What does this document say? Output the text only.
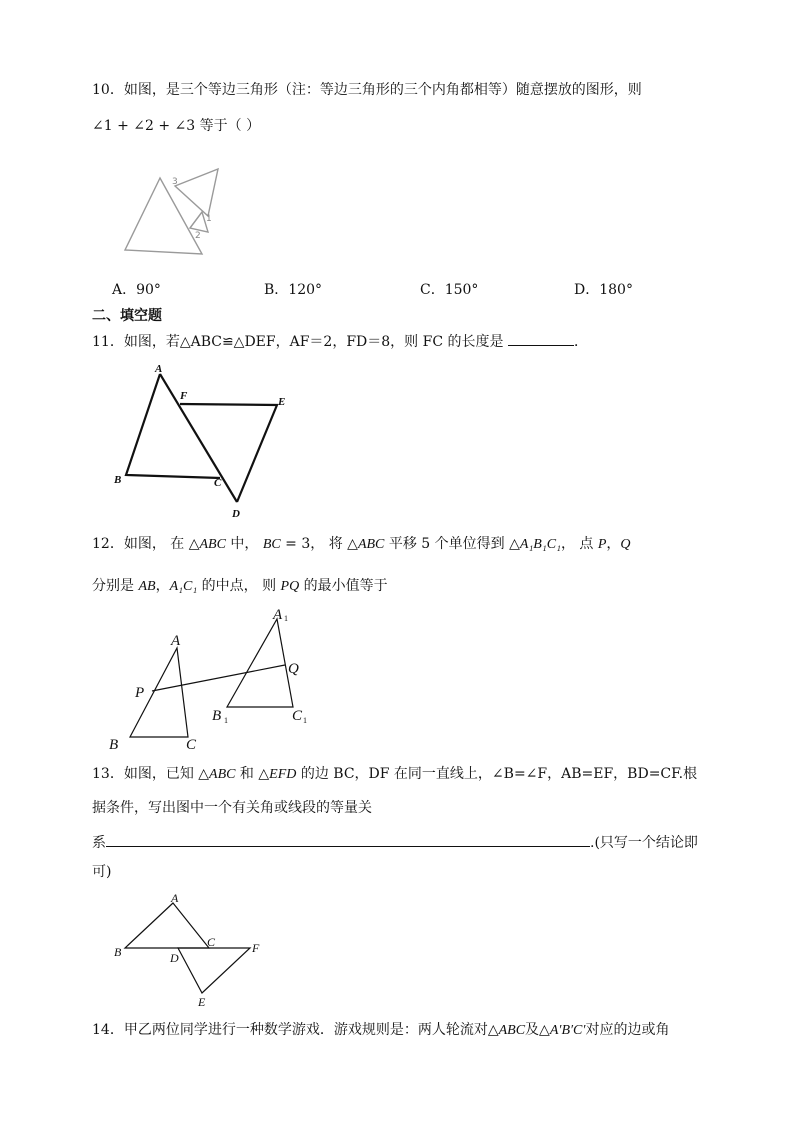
10．如图，是三个等边三角形（注：等边三角形的三个内角都相等）随意摆放的图形，则
∠1 + ∠2 + ∠3 等于（ ）
3
1
2
A．90°	B．120°	C．150°	D．180°
二、填空题
11．如图，若△ABC≌△DEF，AF＝2，FD＝8，则 FC 的长度是	．
A
F	E
B	C
D
12．如图， 在 △ABC 中， BC = 3， 将 △ABC 平移 5 个单位得到 △A₁B₁C₁， 点 P，Q
分别是 AB，A₁C₁ 的中点， 则 PQ 的最小值等于
A
P
B	C
A
Q
B	C
1
1	1
13．如图，已知 △ABC 和 △EFD 的边 BC，DF 在同一直线上，∠B=∠F，AB=EF，BD=CF.根
据条件，写出图中一个有关角或线段的等量关
系	.(只写一个结论即
可)
A
B
C
D
F
E
14．甲乙两位同学进行一种数学游戏．游戏规则是：两人轮流对△ABC及△A′B′C′对应的边或角
